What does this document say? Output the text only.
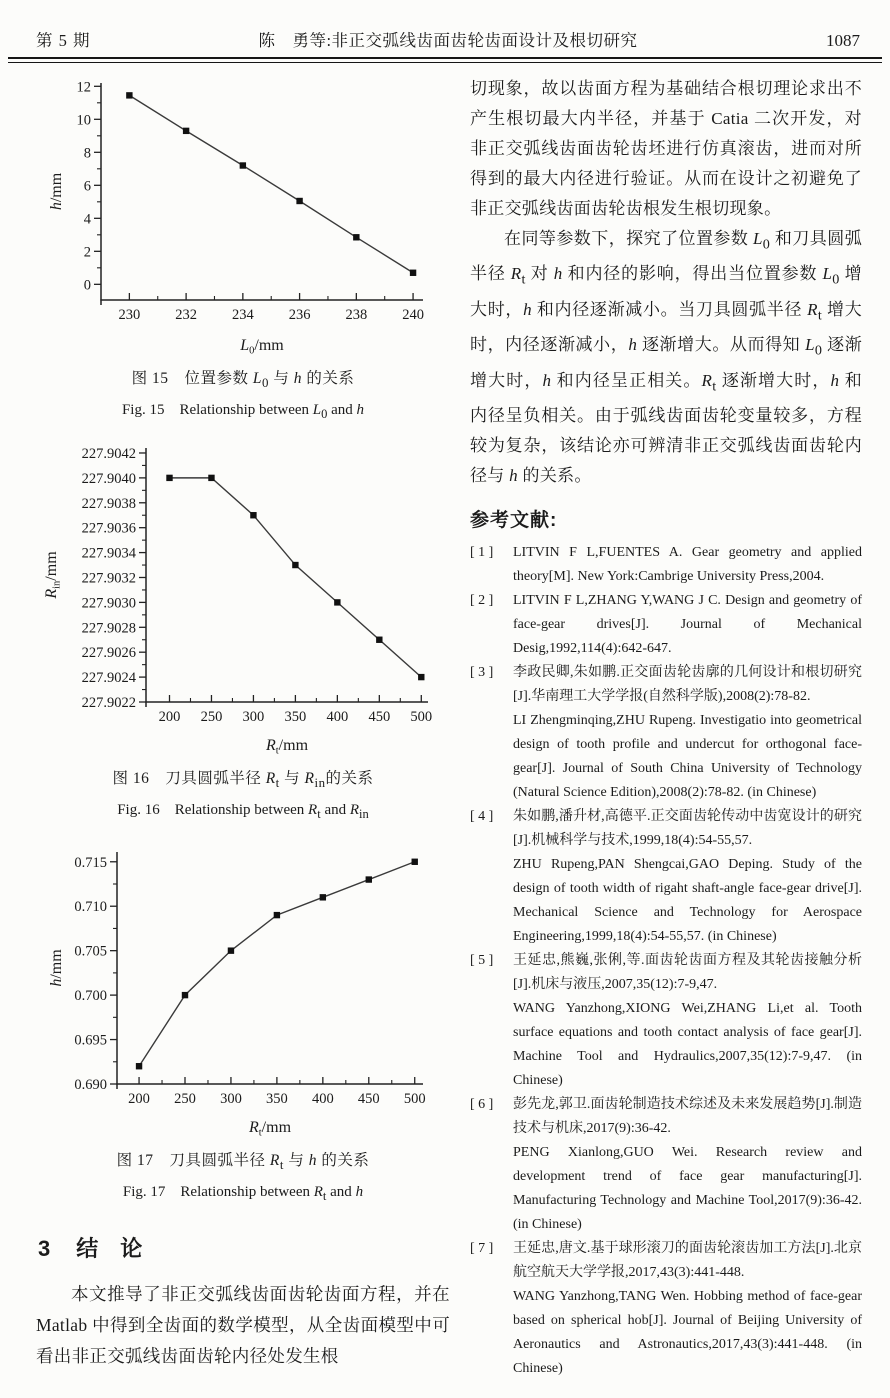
第 5 期	陈　勇等:非正交弧线齿面齿轮齿面设计及根切研究	1087
230 232 234 236 238 240
0
2
4
6
8
10
12
$L_0/mm$
h/mm
图 15　位置参数 $L_0$ 与 h 的关系
Fig. 15　Relationship between $L_0$ and h
200 250 300 350 400 450 500
227.9022
227.9024
227.9026
227.9028
227.9030
227.9032
227.9034
227.9036
227.9038
227.9040
227.9042
$R_t/mm$
$R_{in}/mm$
图 16　刀具圆弧半径 $R_t$ 与 $R_{in}$的关系
Fig. 16　Relationship between $R_t$ and $R_{in}$
200 250 300 350 400 450 500
0.690
0.695
0.700
0.705
0.710
0.715
$R_t/mm$
h/mm
图 17　刀具圆弧半径 $R_t$ 与 h 的关系
Fig. 17　Relationship between $R_t$ and h
3 结　论

本文推导了非正交弧线齿面齿轮齿面方程，并在 Matlab 中得到全齿面的数学模型，从全齿面模型中可看出非正交弧线齿面齿轮内径处发生根

切现象，故以齿面方程为基础结合根切理论求出不产生根切最大内半径，并基于 Catia 二次开发，对非正交弧线齿面齿轮齿坯进行仿真滚齿，进而对所得到的最大内径进行验证。从而在设计之初避免了非正交弧线齿面齿轮齿根发生根切现象。

在同等参数下，探究了位置参数 $L_0$ 和刀具圆弧半径 $R_t$ 对 h 和内径的影响，得出当位置参数 $L_0$ 增大时，h 和内径逐渐减小。当刀具圆弧半径 $R_t$ 增大时，内径逐渐减小，h 逐渐增大。从而得知 $L_0$ 逐渐增大时，h 和内径呈正相关。$R_t$ 逐渐增大时，h 和内径呈负相关。由于弧线齿面齿轮变量较多，方程较为复杂，该结论亦可辨清非正交弧线齿面齿轮内径与 h 的关系。

参考文献:
[ 1 ] LITVIN F L,FUENTES A. Gear geometry and applied theory[M]. New York:Cambrige University Press,2004.
[ 2 ] LITVIN F L,ZHANG Y,WANG J C. Design and geometry of face-gear drives[J]. Journal of Mechanical Desig,1992,114(4):642-647.
[ 3 ] 李政民卿,朱如鹏.正交面齿轮齿廓的几何设计和根切研究[J].华南理工大学学报(自然科学版),2008(2):78-82.
LI Zhengminqing,ZHU Rupeng. Investigatio into geometrical design of tooth profile and undercut for orthogonal face-gear[J]. Journal of South China University of Technology (Natural Science Edition),2008(2):78-82. (in Chinese)
[ 4 ] 朱如鹏,潘升材,高德平.正交面齿轮传动中齿宽设计的研究[J].机械科学与技术,1999,18(4):54-55,57.
ZHU Rupeng,PAN Shengcai,GAO Deping. Study of the design of tooth width of rigaht shaft-angle face-gear drive[J]. Mechanical Science and Technology for Aerospace Engineering,1999,18(4):54-55,57. (in Chinese)
[ 5 ] 王延忠,熊巍,张俐,等.面齿轮齿面方程及其轮齿接触分析[J].机床与液压,2007,35(12):7-9,47.
WANG Yanzhong,XIONG Wei,ZHANG Li,et al. Tooth surface equations and tooth contact analysis of face gear[J]. Machine Tool and Hydraulics,2007,35(12):7-9,47. (in Chinese)
[ 6 ] 彭先龙,郭卫.面齿轮制造技术综述及未来发展趋势[J].制造技术与机床,2017(9):36-42.
PENG Xianlong,GUO Wei. Research review and development trend of face gear manufacturing[J]. Manufacturing Technology and Machine Tool,2017(9):36-42. (in Chinese)
[ 7 ] 王延忠,唐文.基于球形滚刀的面齿轮滚齿加工方法[J].北京航空航天大学学报,2017,43(3):441-448.
WANG Yanzhong,TANG Wen. Hobbing method of face-gear based on spherical hob[J]. Journal of Beijing University of Aeronautics and Astronautics,2017,43(3):441-448. (in Chinese)
